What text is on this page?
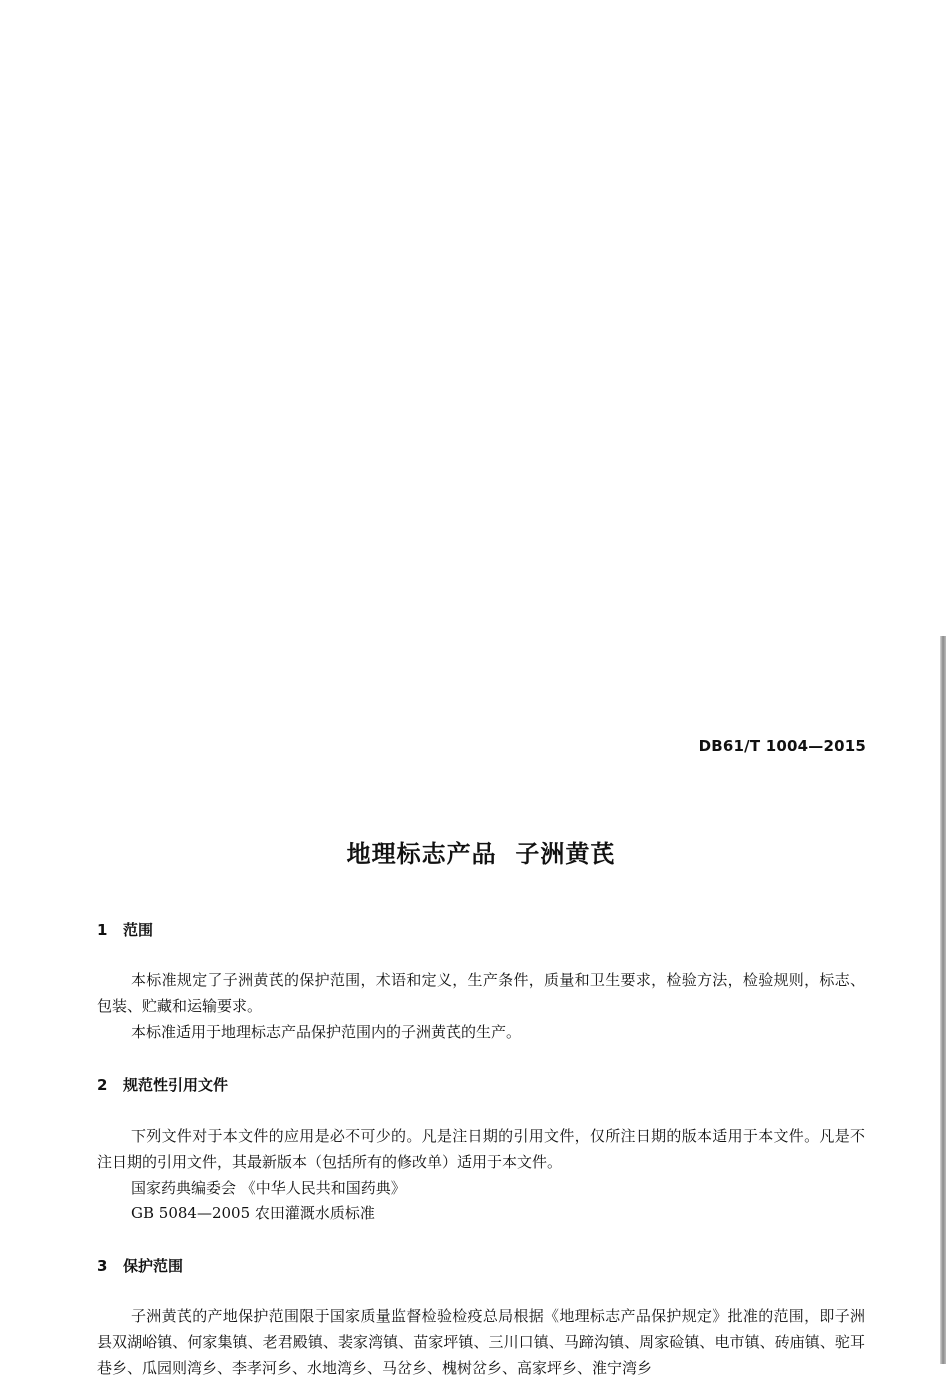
DB61/T 1004—2015
地理标志产品  子洲黄芪
1 范围

本标准规定了子洲黄芪的保护范围，术语和定义，生产条件，质量和卫生要求，检验方法，检验规则，标志、包装、贮藏和运输要求。

本标准适用于地理标志产品保护范围内的子洲黄芪的生产。

2 规范性引用文件

下列文件对于本文件的应用是必不可少的。凡是注日期的引用文件，仅所注日期的版本适用于本文件。凡是不注日期的引用文件，其最新版本（包括所有的修改单）适用于本文件。

国家药典编委会 《中华人民共和国药典》
GB 5084—2005 农田灌溉水质标准
3 保护范围

子洲黄芪的产地保护范围限于国家质量监督检验检疫总局根据《地理标志产品保护规定》批准的范围，即子洲县双湖峪镇、何家集镇、老君殿镇、裴家湾镇、苗家坪镇、三川口镇、马蹄沟镇、周家硷镇、电市镇、砖庙镇、驼耳巷乡、瓜园则湾乡、李孝河乡、水地湾乡、马岔乡、槐树岔乡、高家坪乡、淮宁湾乡
